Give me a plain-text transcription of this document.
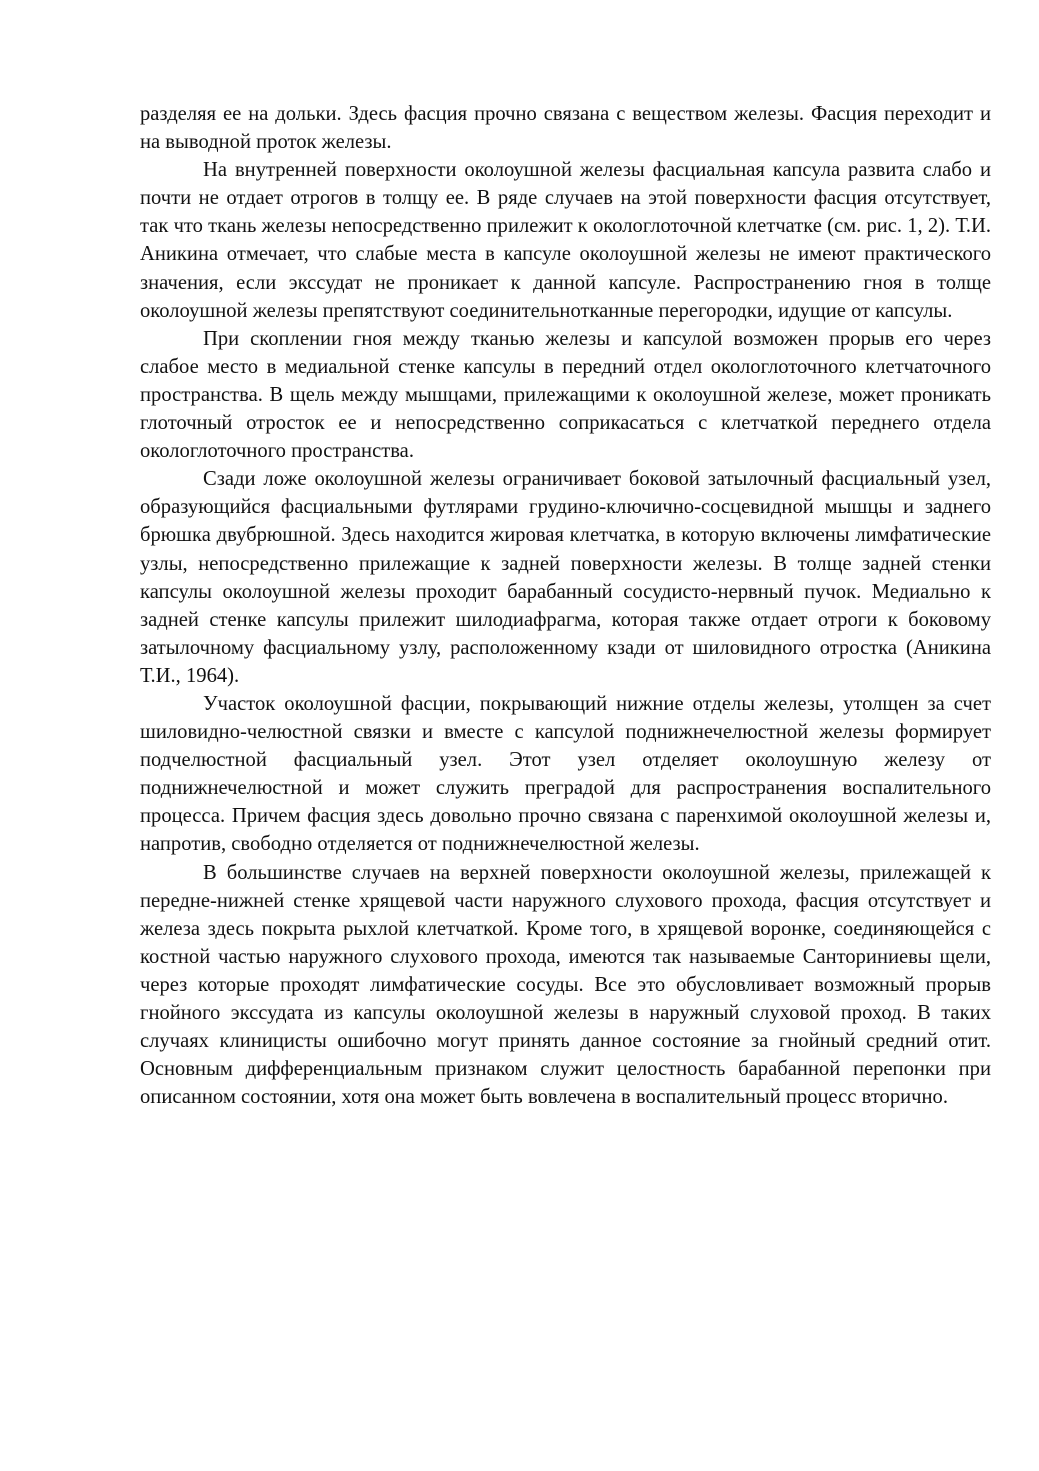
разделяя ее на дольки. Здесь фасция прочно связана с веществом железы. Фасция переходит и на выводной проток железы.

На внутренней поверхности околоушной железы фасциальная капсула развита слабо и почти не отдает отрогов в толщу ее. В ряде случаев на этой поверхности фасция отсутствует, так что ткань железы непосредственно прилежит к окологлоточной клетчатке (см. рис. 1, 2). Т.И. Аникина отмечает, что слабые места в капсуле околоушной железы не имеют практического значения, если экссудат не проникает к данной капсуле. Распространению гноя в толще околоушной железы препятствуют соединительнотканные перегородки, идущие от капсулы.

При скоплении гноя между тканью железы и капсулой возможен прорыв его через слабое место в медиальной стенке капсулы в передний отдел окологлоточного клетчаточного пространства. В щель между мышцами, прилежащими к околоушной железе, может проникать глоточный отросток ее и непосредственно соприкасаться с клетчаткой переднего отдела окологлоточного пространства.

Сзади ложе околоушной железы ограничивает боковой затылочный фасциальный узел, образующийся фасциальными футлярами грудино-ключично-сосцевидной мышцы и заднего брюшка двубрюшной. Здесь находится жировая клетчатка, в которую включены лимфатические узлы, непосредственно прилежащие к задней поверхности железы. В толще задней стенки капсулы околоушной железы проходит барабанный сосудисто-нервный пучок. Медиально к задней стенке капсулы прилежит шилодиафрагма, которая также отдает отроги к боковому затылочному фасциальному узлу, расположенному кзади от шиловидного отростка (Аникина Т.И., 1964).

Участок околоушной фасции, покрывающий нижние отделы железы, утолщен за счет шиловидно-челюстной связки и вместе с капсулой поднижнечелюстной железы формирует подчелюстной фасциальный узел. Этот узел отделяет околоушную железу от поднижнечелюстной и может служить преградой для распространения воспалительного процесса. Причем фасция здесь довольно прочно связана с паренхимой околоушной железы и, напротив, свободно отделяется от поднижнечелюстной железы.

В большинстве случаев на верхней поверхности околоушной железы, прилежащей к передне-нижней стенке хрящевой части наружного слухового прохода, фасция отсутствует и железа здесь покрыта рыхлой клетчаткой. Кроме того, в хрящевой воронке, соединяющейся с костной частью наружного слухового прохода, имеются так называемые Санториниевы щели, через которые проходят лимфатические сосуды. Все это обусловливает возможный прорыв гнойного экссудата из капсулы околоушной железы в наружный слуховой проход. В таких случаях клиницисты ошибочно могут принять данное состояние за гнойный средний отит. Основным дифференциальным признаком служит целостность барабанной перепонки при описанном состоянии, хотя она может быть вовлечена в воспалительный процесс вторично.
